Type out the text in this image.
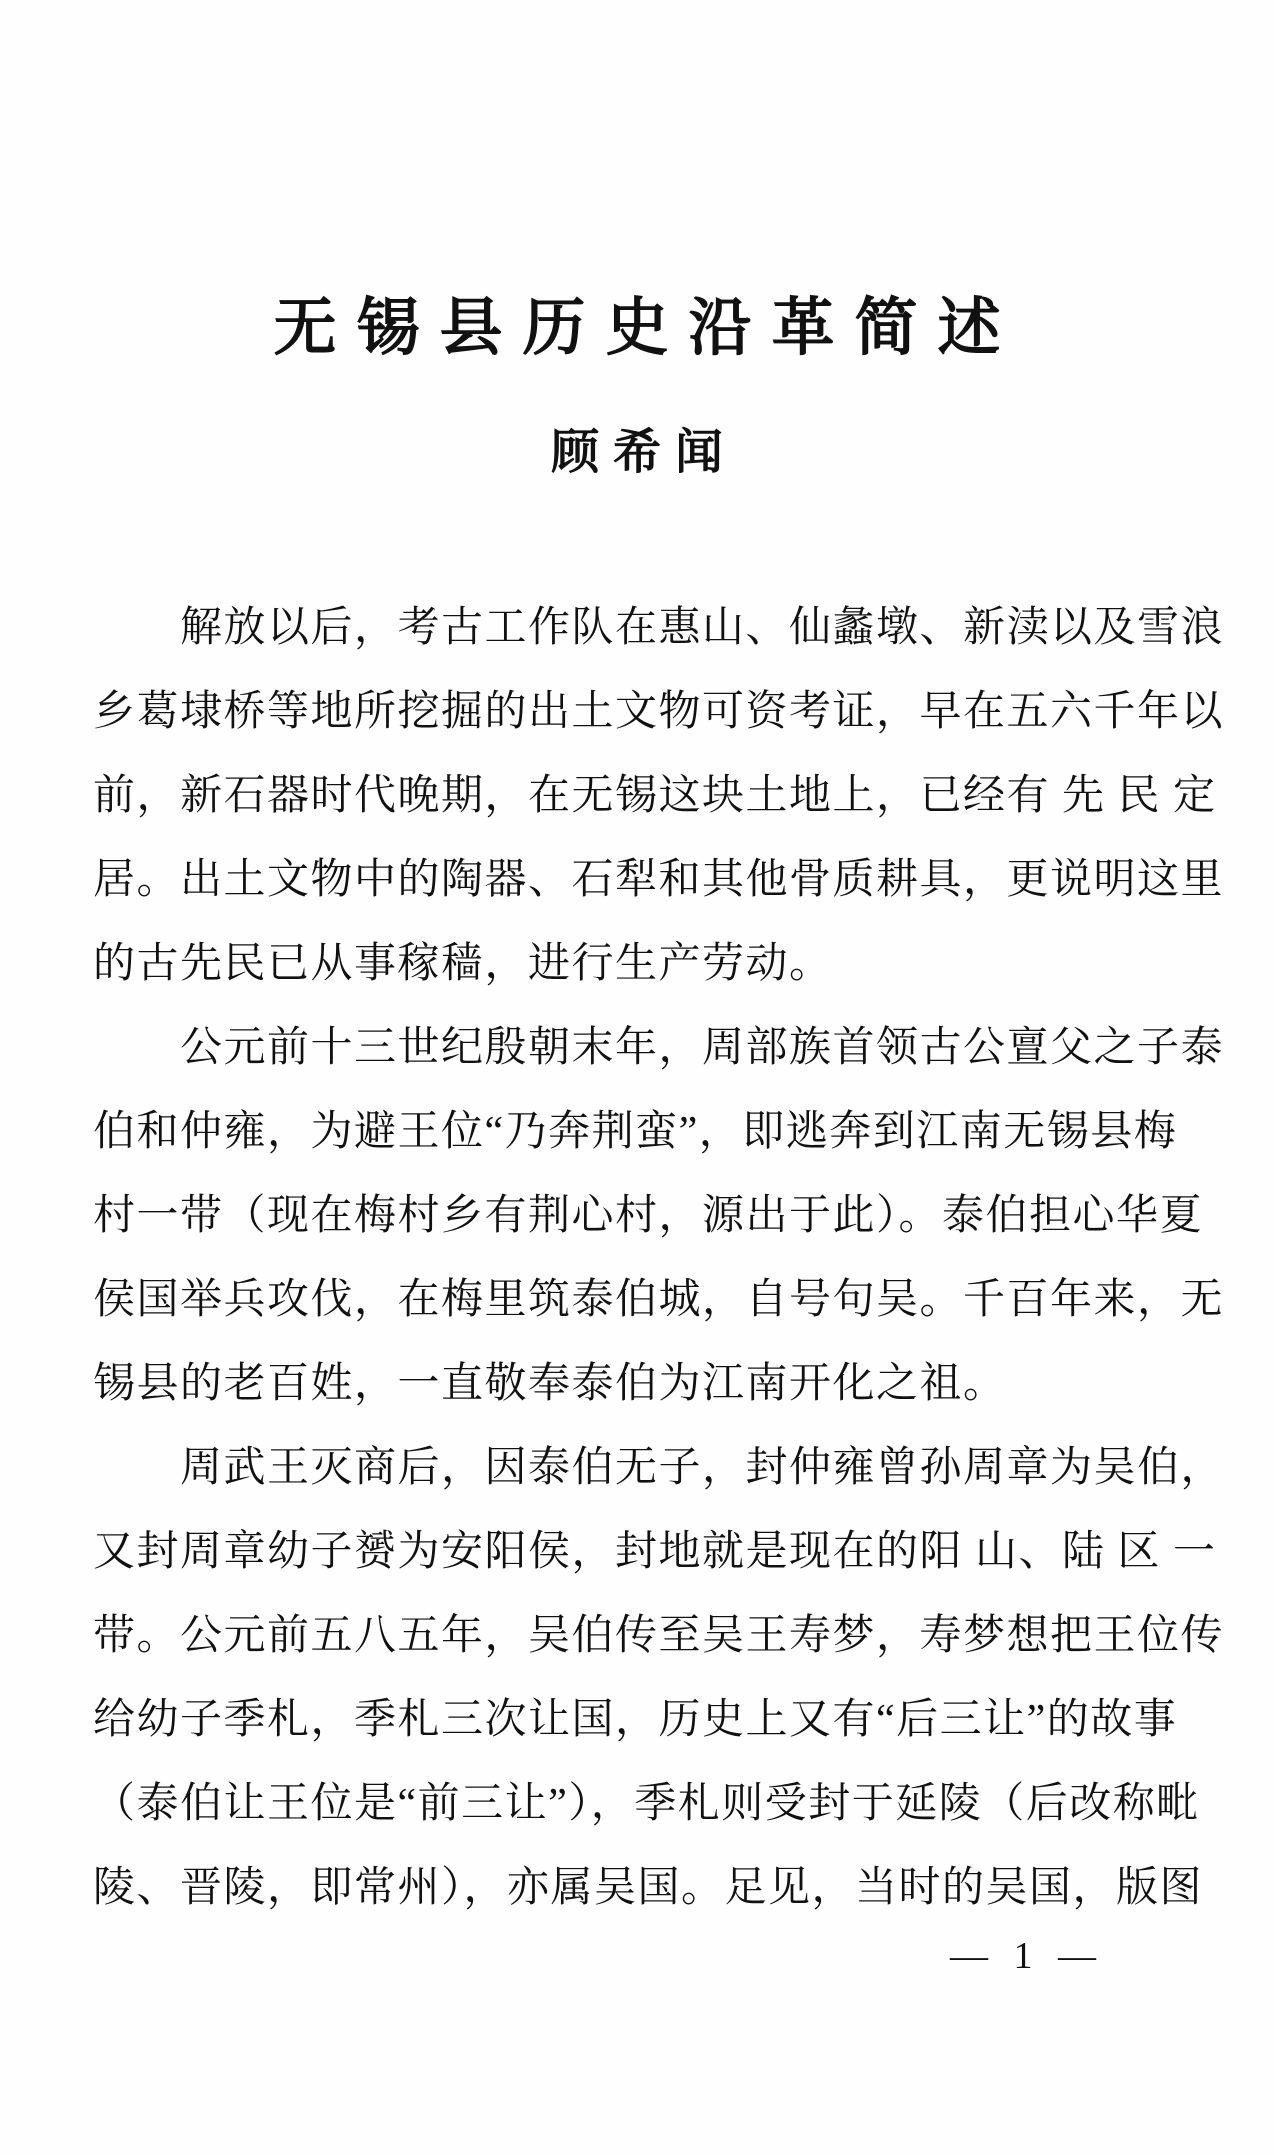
无锡县历史沿革简述
顾希闻
解放以后，考古工作队在惠山、仙蠡墩、新渎以及雪浪
乡葛埭桥等地所挖掘的出土文物可资考证，早在五六千年以
前，新石器时代晚期，在无锡这块土地上，已经有 先 民 定
居。出土文物中的陶器、石犁和其他骨质耕具，更说明这里
的古先民已从事稼穑，进行生产劳动。
公元前十三世纪殷朝末年，周部族首领古公亶父之子泰
伯和仲雍，为避王位“乃奔荆蛮”，即逃奔到江南无锡县梅
村一带（现在梅村乡有荆心村，源出于此）。泰伯担心华夏
侯国举兵攻伐，在梅里筑泰伯城，自号句吴。千百年来，无
锡县的老百姓，一直敬奉泰伯为江南开化之祖。
周武王灭商后，因泰伯无子，封仲雍曾孙周章为吴伯，
又封周章幼子赟为安阳侯，封地就是现在的阳 山、陆 区 一
带。公元前五八五年，吴伯传至吴王寿梦，寿梦想把王位传
给幼子季札，季札三次让国，历史上又有“后三让”的故事
（泰伯让王位是“前三让”），季札则受封于延陵（后改称毗
陵、晋陵，即常州），亦属吴国。足见，当时的吴国，版图
— 1 —
